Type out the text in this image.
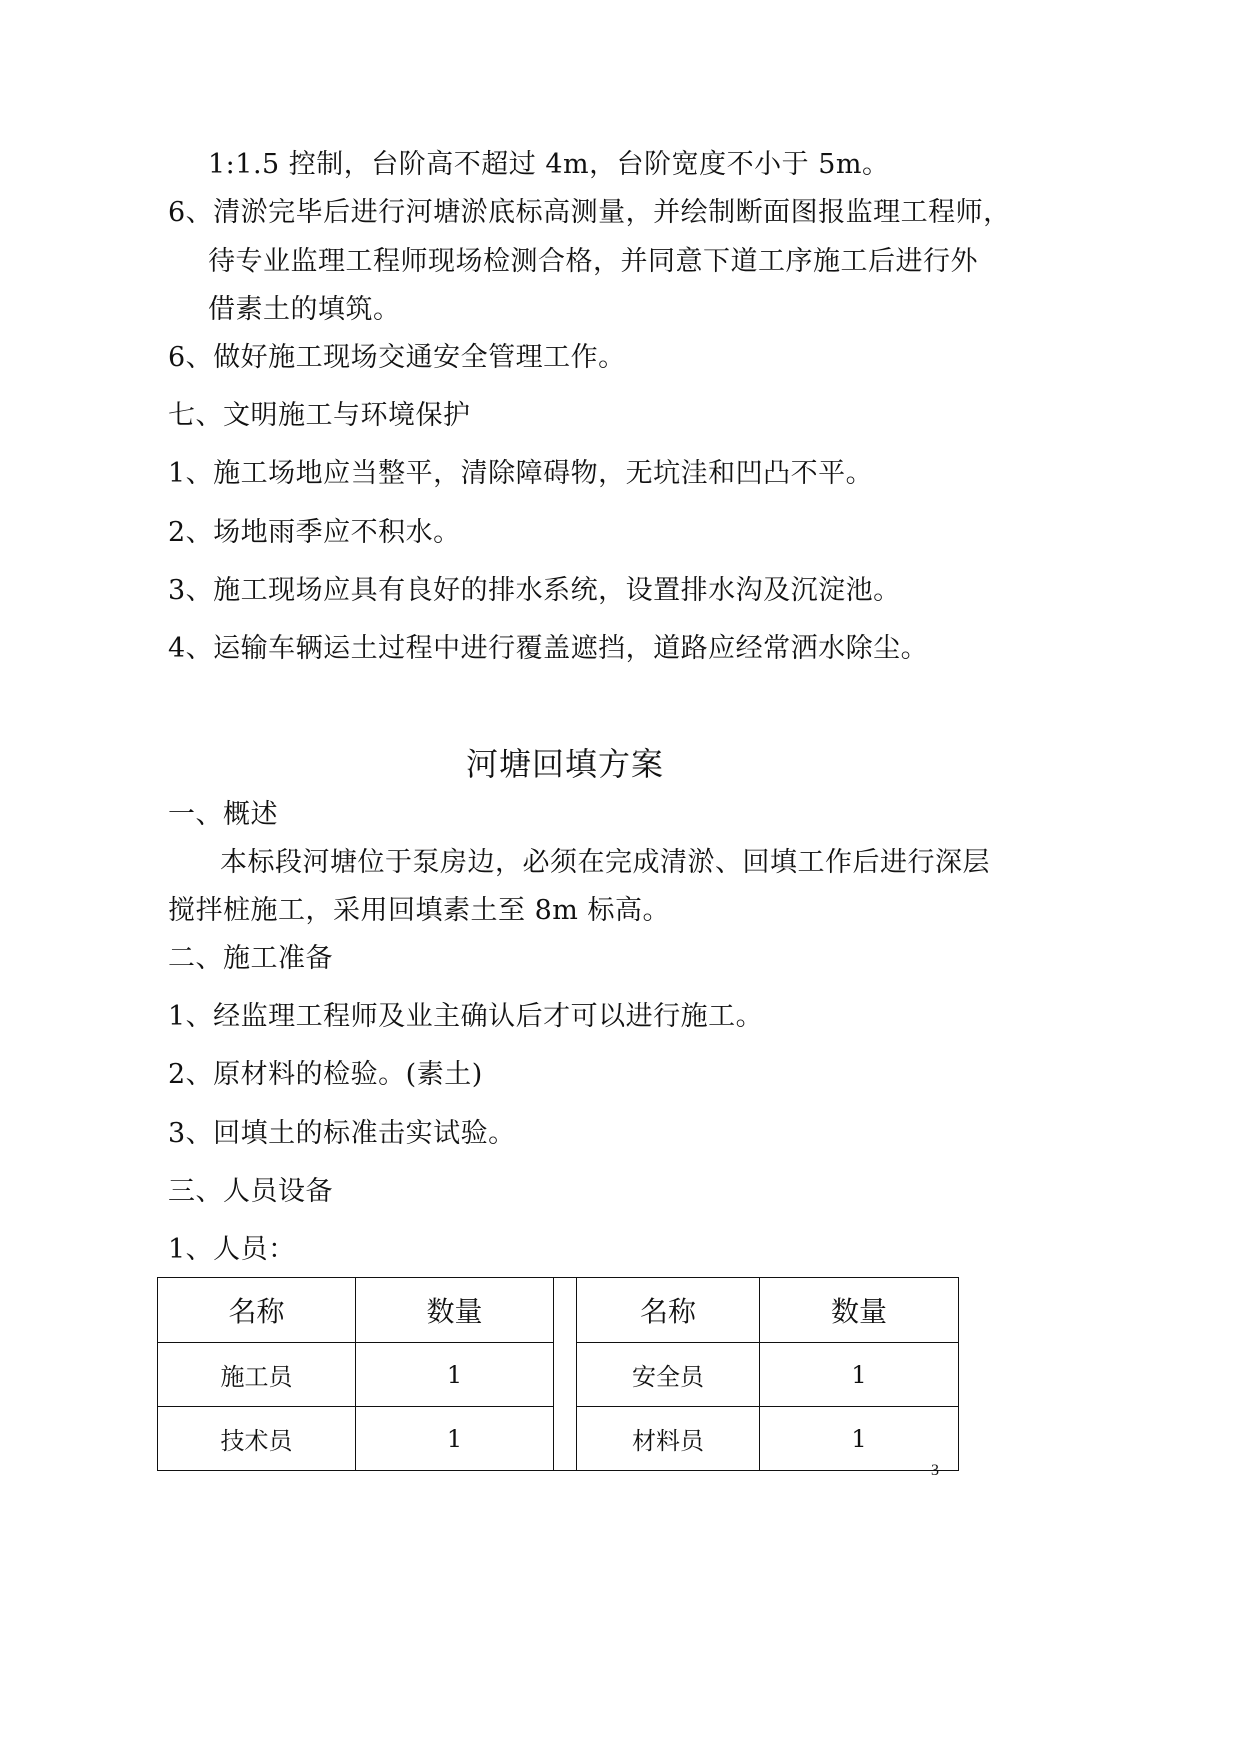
1:1.5 控制，台阶高不超过 4m，台阶宽度不小于 5m。
6、清淤完毕后进行河塘淤底标高测量，并绘制断面图报监理工程师，
待专业监理工程师现场检测合格，并同意下道工序施工后进行外
借素土的填筑。
6、做好施工现场交通安全管理工作。
七、文明施工与环境保护
1、施工场地应当整平，清除障碍物，无坑洼和凹凸不平。
2、场地雨季应不积水。
3、施工现场应具有良好的排水系统，设置排水沟及沉淀池。
4、运输车辆运土过程中进行覆盖遮挡，道路应经常洒水除尘。
河塘回填方案
一、概述
本标段河塘位于泵房边，必须在完成清淤、回填工作后进行深层
搅拌桩施工，采用回填素土至 8m 标高。
二、施工准备
1、经监理工程师及业主确认后才可以进行施工。
2、原材料的检验。(素土)
3、回填土的标准击实试验。
三、人员设备
1、人员：
名称	数量		名称	数量
施工员	1		安全员	1
技术员	1		材料员	1
3
